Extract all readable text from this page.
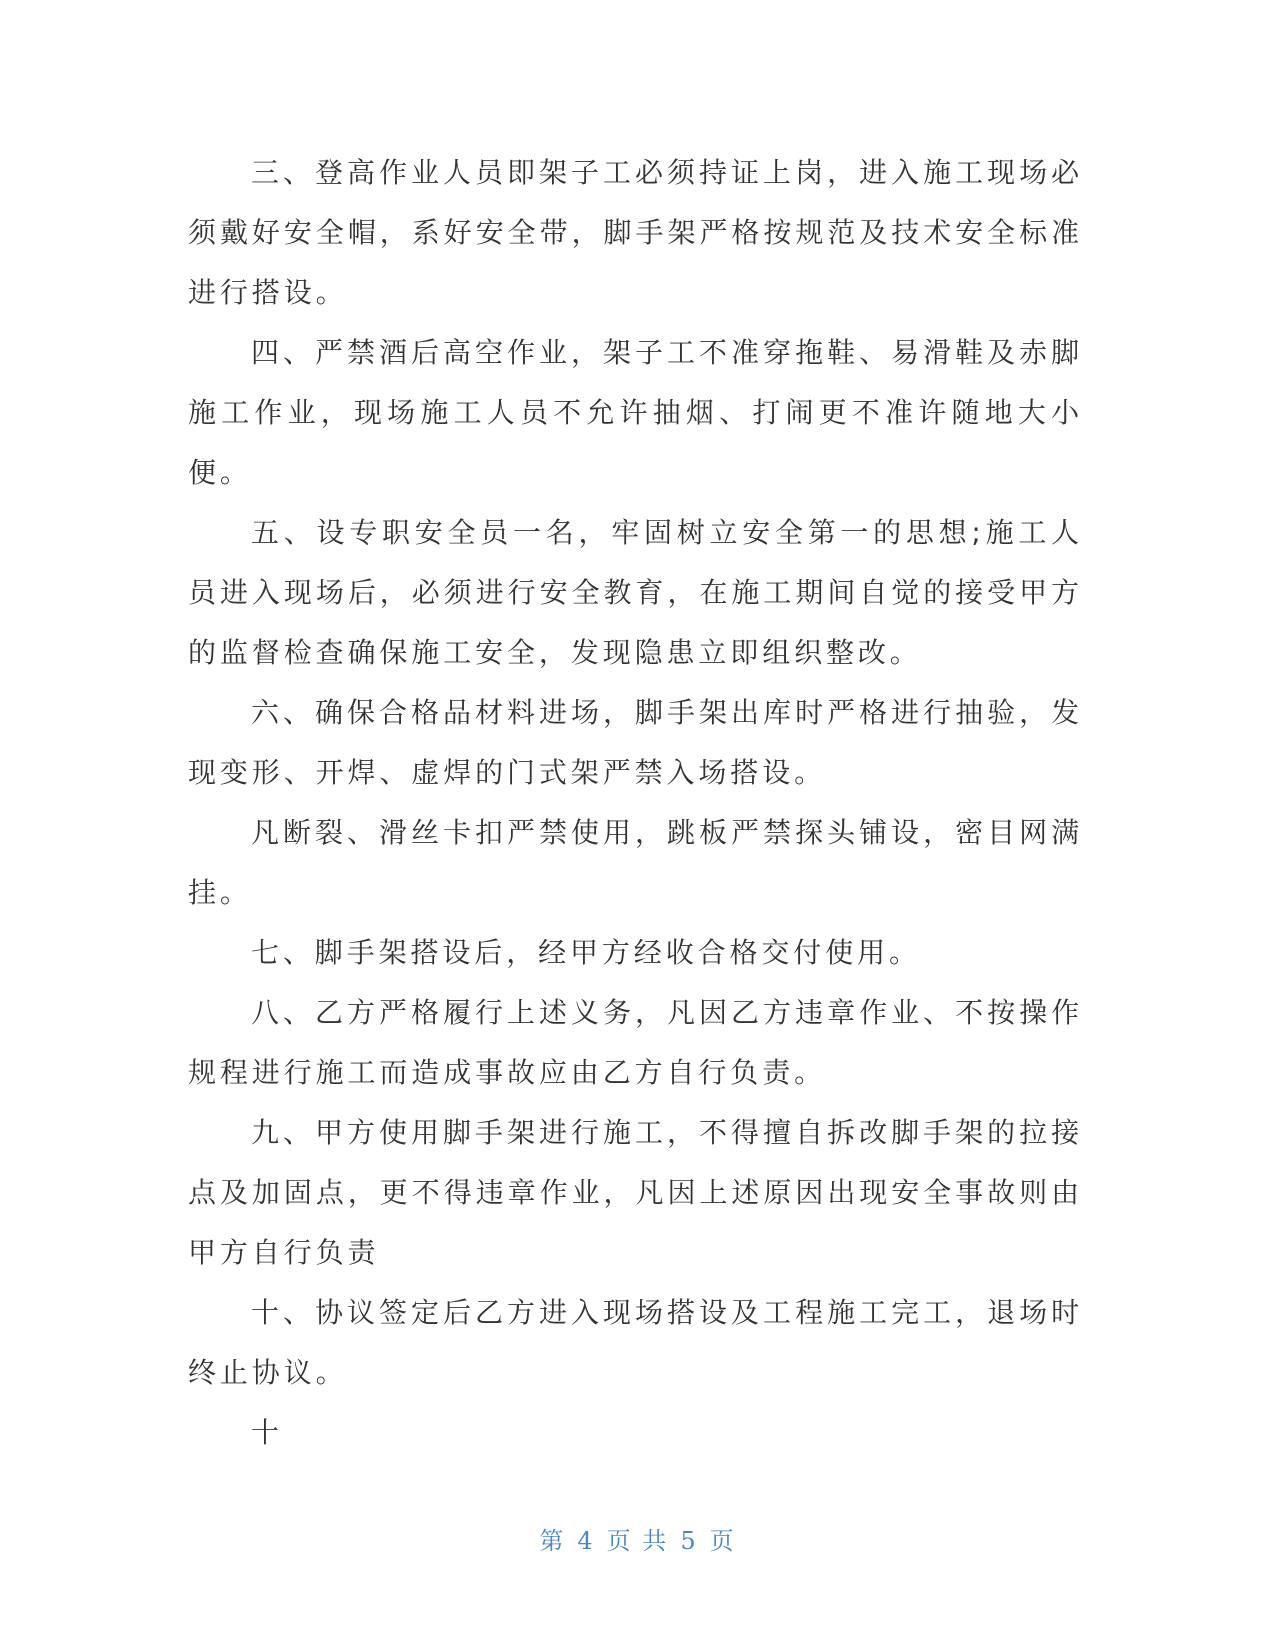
三、登高作业人员即架子工必须持证上岗，进入施工现场必须戴好安全帽，系好安全带，脚手架严格按规范及技术安全标准进行搭设。

四、严禁酒后高空作业，架子工不准穿拖鞋、易滑鞋及赤脚施工作业，现场施工人员不允许抽烟、打闹更不准许随地大小便。

五、设专职安全员一名，牢固树立安全第一的思想;施工人员进入现场后，必须进行安全教育，在施工期间自觉的接受甲方的监督检查确保施工安全，发现隐患立即组织整改。

六、确保合格品材料进场，脚手架出库时严格进行抽验，发现变形、开焊、虚焊的门式架严禁入场搭设。

凡断裂、滑丝卡扣严禁使用，跳板严禁探头铺设，密目网满挂。

七、脚手架搭设后，经甲方经收合格交付使用。

八、乙方严格履行上述义务，凡因乙方违章作业、不按操作规程进行施工而造成事故应由乙方自行负责。

九、甲方使用脚手架进行施工，不得擅自拆改脚手架的拉接点及加固点，更不得违章作业，凡因上述原因出现安全事故则由甲方自行负责

十、协议签定后乙方进入现场搭设及工程施工完工，退场时终止协议。

十

第 4 页 共 5 页
